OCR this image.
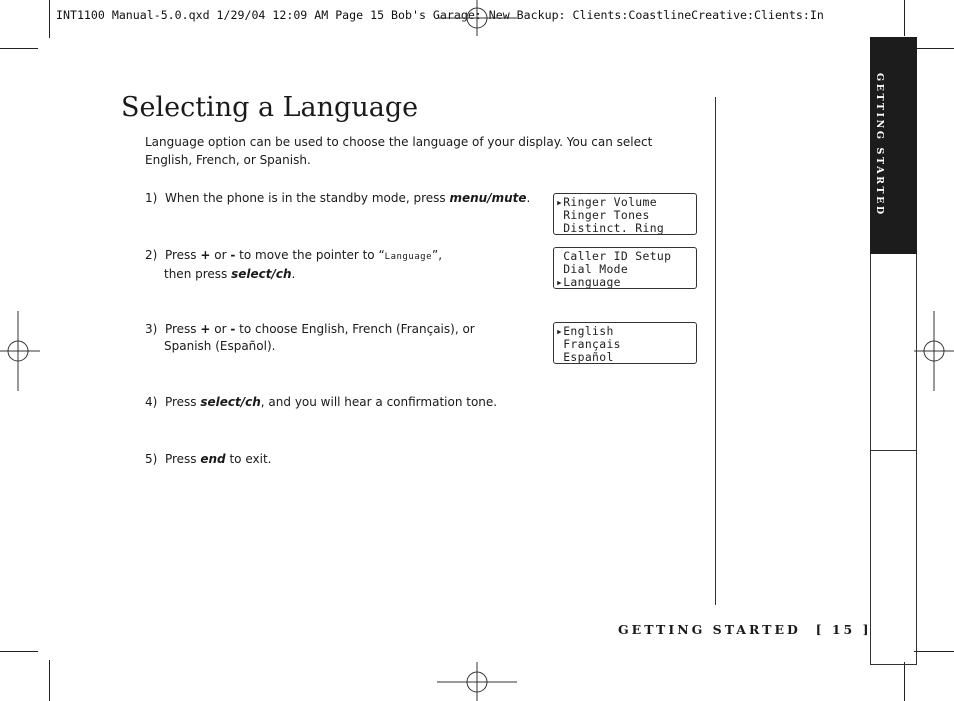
INT1100 Manual-5.0.qxd 1/29/04 12:09 AM Page 15 Bob's Garage: New Backup: Clients:CoastlineCreative:Clients:In
Selecting a Language
Language option can be used to choose the language of your display. You can select English, French, or Spanish.
1) When the phone is in the standby mode, press menu/mute.
2) Press + or - to move the pointer to “Language”,
then press select/ch.
3) Press + or - to choose English, French (Français), or
Spanish (Español).
4) Press select/ch, and you will hear a confirmation tone.
5) Press end to exit.
▸Ringer Volume
Ringer Tones
Distinct. Ring
Caller ID Setup
Dial Mode
▸Language
▸English
Français
Español
GETTING STARTED
GETTING STARTED [ 15 ]
